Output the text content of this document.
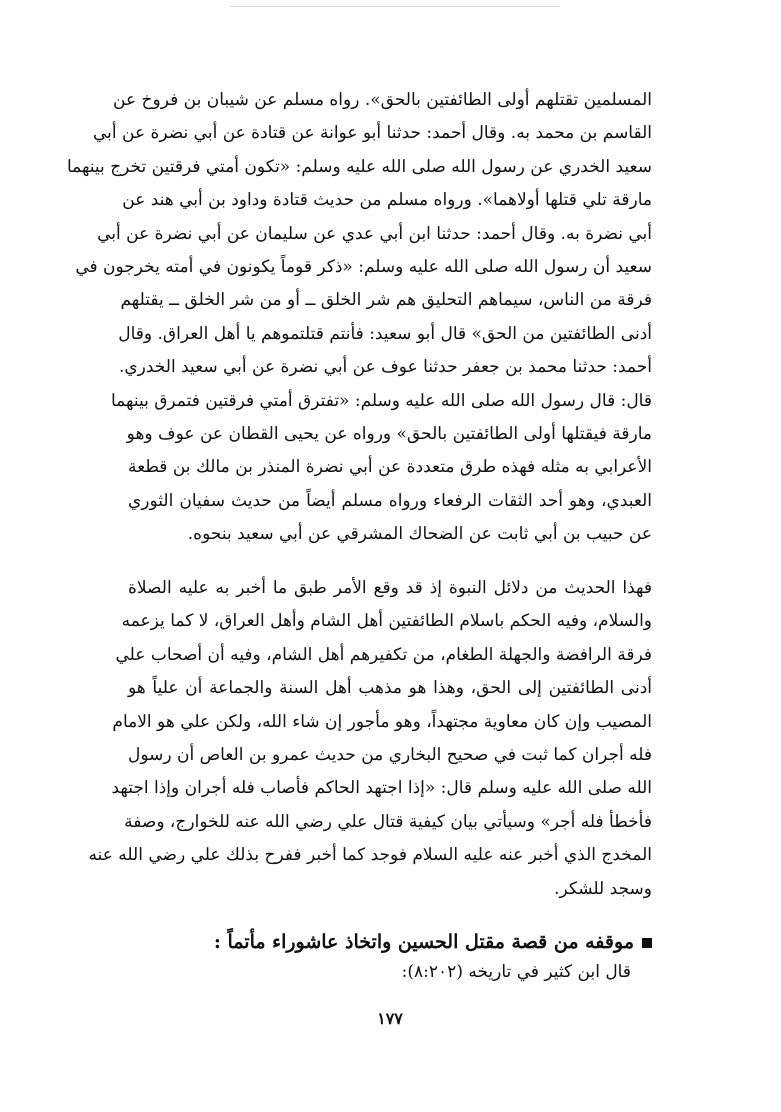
المسلمين تقتلهم أولى الطائفتين بالحق». رواه مسلم عن شيبان بن فروخ عن
القاسم بن محمد به. وقال أحمد: حدثنا أبو عوانة عن قتادة عن أبي نضرة عن أبي
سعيد الخدري عن رسول الله صلى الله عليه وسلم: «تكون أمتي فرقتين تخرج بينهما
مارقة تلي قتلها أولاهما». ورواه مسلم من حديث قتادة وداود بن أبي هند عن
أبي نضرة به. وقال أحمد: حدثنا ابن أبي عدي عن سليمان عن أبي نضرة عن أبي
سعيد أن رسول الله صلى الله عليه وسلم: «ذكر قوماً يكونون في أمته يخرجون في
فرقة من الناس، سيماهم التحليق هم شر الخلق ــ أو من شر الخلق ــ يقتلهم
أدنى الطائفتين من الحق» قال أبو سعيد: فأنتم قتلتموهم يا أهل العراق. وقال
أحمد: حدثنا محمد بن جعفر حدثنا عوف عن أبي نضرة عن أبي سعيد الخدري.
قال: قال رسول الله صلى الله عليه وسلم: «تفترق أمتي فرقتين فتمرق بينهما
مارقة فيقتلها أولى الطائفتين بالحق» ورواه عن يحيى القطان عن عوف وهو
الأعرابي به مثله فهذه طرق متعددة عن أبي نضرة المنذر بن مالك بن قطعة
العبدي، وهو أحد الثقات الرفعاء ورواه مسلم أيضاً من حديث سفيان الثوري
عن حبيب بن أبي ثابت عن الضحاك المشرقي عن أبي سعيد بنحوه.
فهذا الحديث من دلائل النبوة إذ قد وقع الأمر طبق ما أخبر به عليه الصلاة
والسلام، وفيه الحكم باسلام الطائفتين أهل الشام وأهل العراق، لا كما يزعمه
فرقة الرافضة والجهلة الطغام، من تكفيرهم أهل الشام، وفيه أن أصحاب علي
أدنى الطائفتين إلى الحق، وهذا هو مذهب أهل السنة والجماعة أن علياً هو
المصيب وإن كان معاوية مجتهداً، وهو مأجور إن شاء الله، ولكن علي هو الامام
فله أجران كما ثبت في صحيح البخاري من حديث عمرو بن العاص أن رسول
الله صلى الله عليه وسلم قال: «إذا اجتهد الحاكم فأصاب فله أجران وإذا اجتهد
فأخطأ فله أجر» وسيأتي بيان كيفية قتال علي رضي الله عنه للخوارج، وصفة
المخدج الذي أخبر عنه عليه السلام فوجد كما أخبر ففرح بذلك علي رضي الله عنه
وسجد للشكر.
موقفه من قصة مقتل الحسين واتخاذ عاشوراء مأتماً :
قال ابن كثير في تاريخه (٨:٢٠٢):
١٧٧
